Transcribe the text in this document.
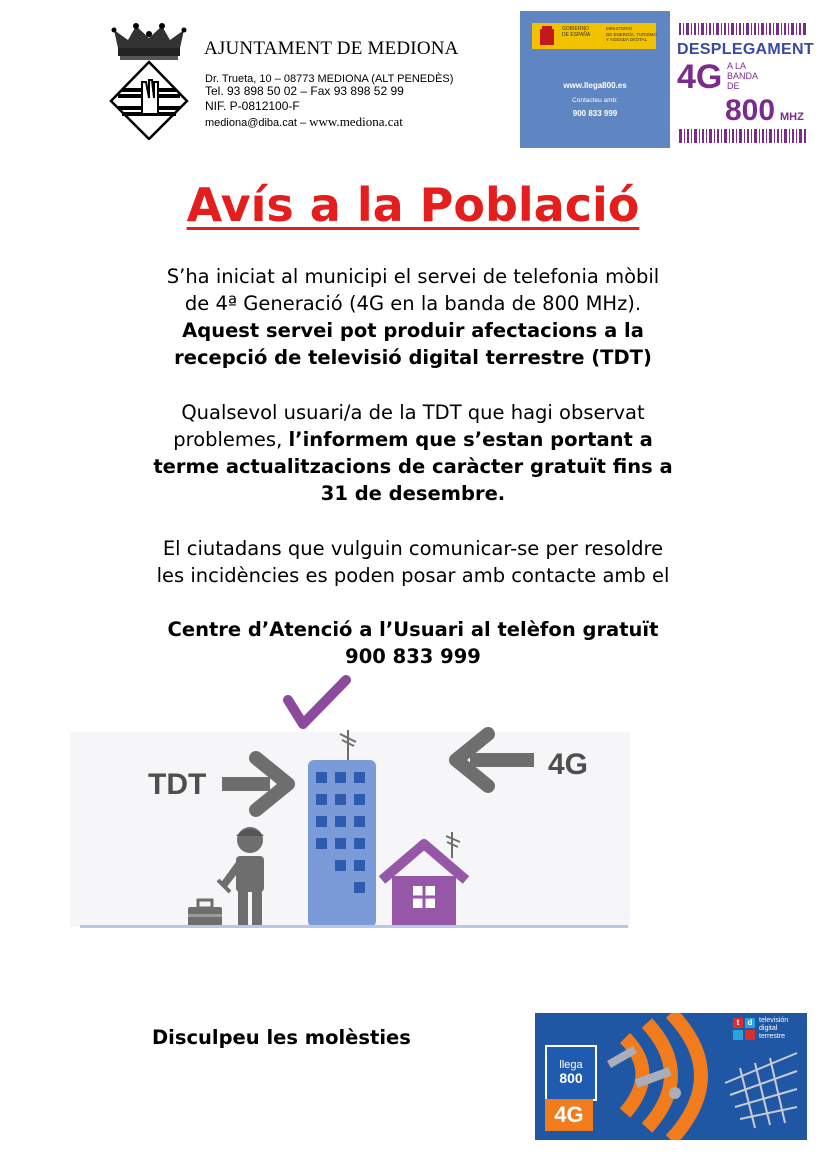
AJUNTAMENT DE MEDIONA
Dr. Trueta, 10 – 08773 MEDIONA (ALT PENEDÈS)
Tel. 93 898 50 02 – Fax 93 898 52 99
NIF. P-0812100-F
mediona@diba.cat – www.mediona.cat
GOBIERNO
DE ESPAÑA
MINISTERIO
DE ENERGÍA, TURISMO
Y AGENDA DIGITAL
www.llega800.es
Contacteu amb:
900 833 999
DESPLEGAMENT
4G A LA
BANDA
DE
800 MHZ
Avís a la Població
S’ha iniciat al municipi el servei de telefonia mòbil
de 4ª Generació (4G en la banda de 800 MHz).
Aquest servei pot produir afectacions a la
recepció de televisió digital terrestre (TDT)
Qualsevol usuari/a de la TDT que hagi observat
problemes, l’informem que s’estan portant a
terme actualitzacions de caràcter gratuït fins a
31 de desembre.
El ciutadans que vulguin comunicar-se per resoldre
les incidències es poden posar amb contacte amb el
Centre d’Atenció a l’Usuari al telèfon gratuït
900 833 999
TDT
4G
Disculpeu les molèsties
llega
800
4G
t	d televisión
digital
terrestre
